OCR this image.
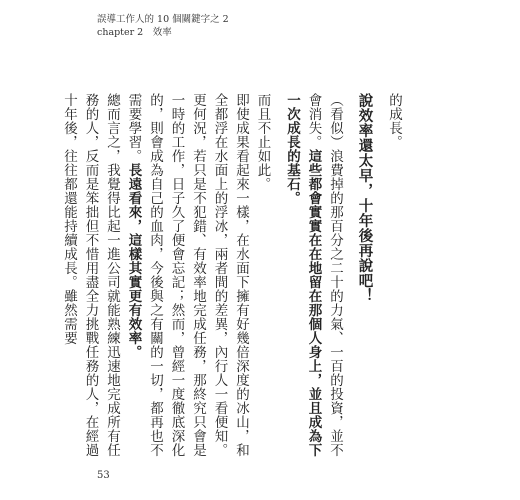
誤導工作人的 10 個關鍵字之 2
chapter 2　效率

的成長。

說效率還太早，十年後再說吧！

（看似）浪費掉的那百分之二十的力氣、一百的投資，並不會消失。這些都會實實在在地留在那個人身上，並且成為下一次成長的基石。

而且不止如此。

即使成果看起來一樣，在水面下擁有好幾倍深度的冰山，和全都浮在水面上的浮冰，兩者間的差異，內行人一看便知。

更何況，若只是不犯錯、有效率地完成任務，那終究只會是一時的工作，日子久了便會忘記；然而，曾經一度徹底深化的，則會成為自己的血肉，今後與之有關的一切，都再也不需要學習。長遠看來，這樣其實更有效率。

總而言之，我覺得比起一進公司就能熟練迅速地完成所有任務的人，反而是笨拙但不惜用盡全力挑戰任務的人，在經過十年後，往往都還能持續成長。雖然需要

53
